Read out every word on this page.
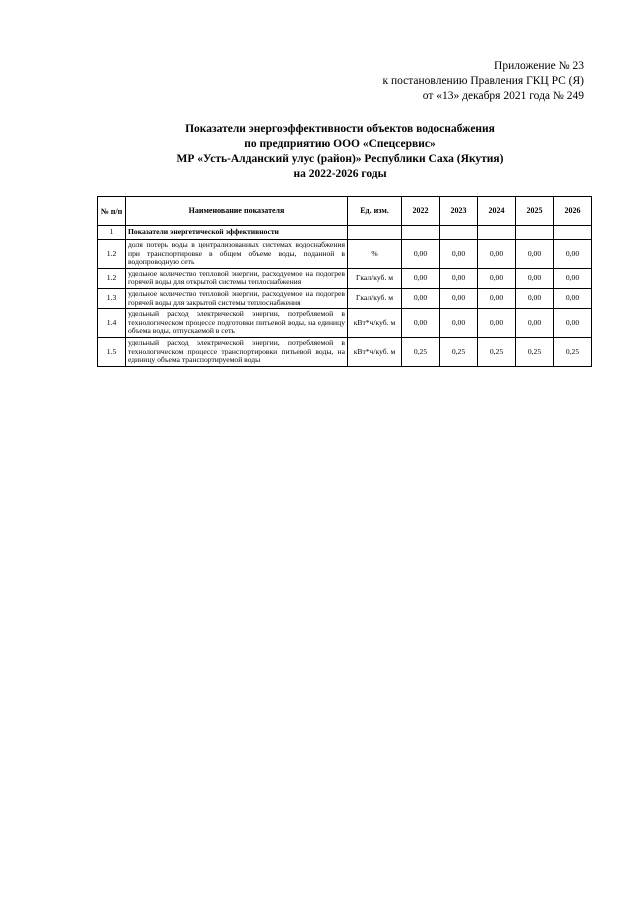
Приложение № 23
к постановлению Правления ГКЦ РС (Я)
от «13» декабря 2021 года № 249
Показатели энергоэффективности объектов водоснабжения
по предприятию ООО «Спецсервис»
МР «Усть-Алданский улус (район)» Республики Саха (Якутия)
на 2022-2026 годы
№ п/п	Наименование показателя	Ед. изм.	2022	2023	2024	2025	2026
1	Показатели энергетической эффективности						
1.2	доля потерь воды в централизованных системах водоснабжения при транспортировке в общем объеме воды, поданной в водопроводную сеть	%	0,00	0,00	0,00	0,00	0,00
1.2	удельное количество тепловой энергии, расходуемое на подогрев горячей воды для открытой системы теплоснабжения	Гкал/куб. м	0,00	0,00	0,00	0,00	0,00
1.3	удельное количество тепловой энергии, расходуемое на подогрев горячей воды для закрытой системы теплоснабжения	Гкал/куб. м	0,00	0,00	0,00	0,00	0,00
1.4	удельный расход электрической энергии, потребляемой в технологическом процессе подготовки питьевой воды, на единицу объема воды, отпускаемой в сеть	кВт*ч/куб. м	0,00	0,00	0,00	0,00	0,00
1.5	удельный расход электрической энергии, потребляемой в технологическом процессе транспортировки питьевой воды, на единицу объема транспортируемой воды	кВт*ч/куб. м	0,25	0,25	0,25	0,25	0,25
